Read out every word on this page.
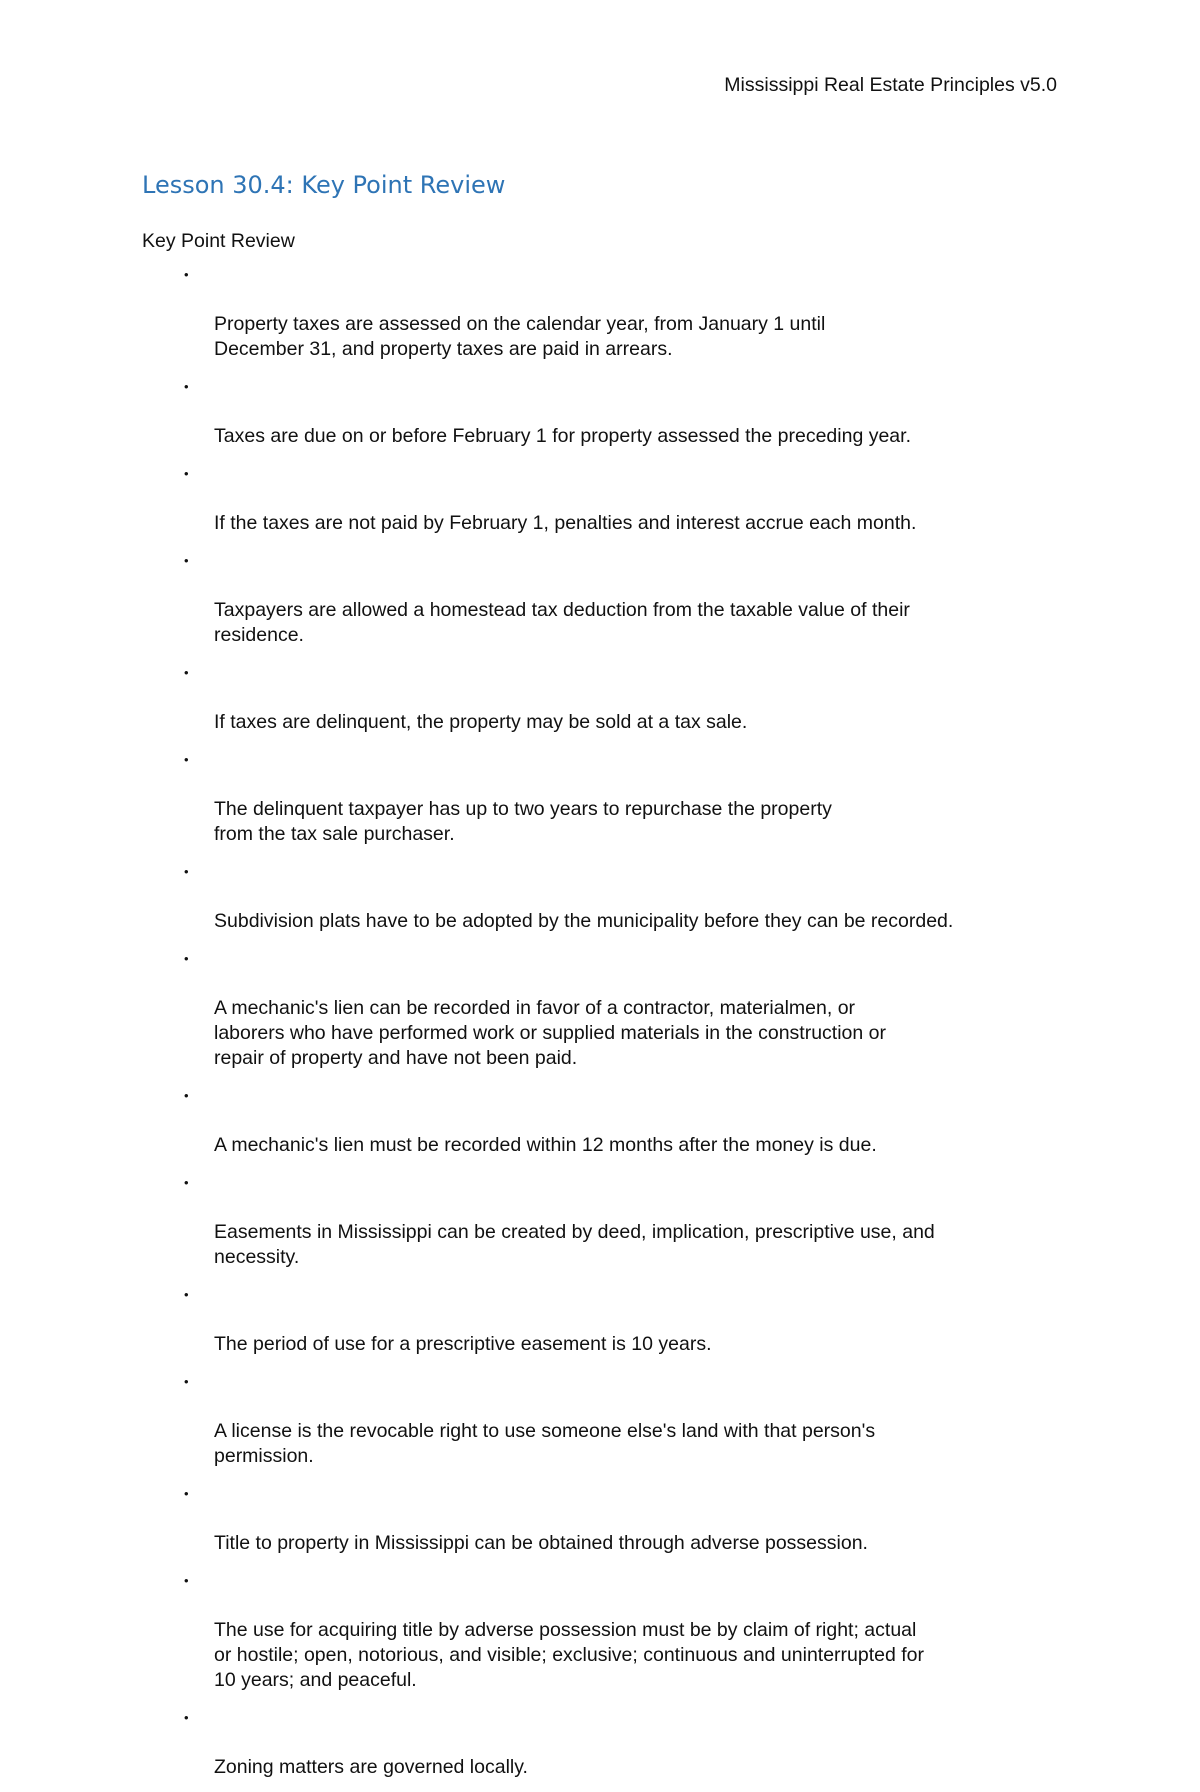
Mississippi Real Estate Principles v5.0
Lesson 30.4: Key Point Review
Key Point Review

•

Property taxes are assessed on the calendar year, from January 1 until
December 31, and property taxes are paid in arrears.

•

Taxes are due on or before February 1 for property assessed the preceding year.

•

If the taxes are not paid by February 1, penalties and interest accrue each month.

•

Taxpayers are allowed a homestead tax deduction from the taxable value of their
residence.

•

If taxes are delinquent, the property may be sold at a tax sale.

•

The delinquent taxpayer has up to two years to repurchase the property
from the tax sale purchaser.

•

Subdivision plats have to be adopted by the municipality before they can be recorded.

•

A mechanic's lien can be recorded in favor of a contractor, materialmen, or
laborers who have performed work or supplied materials in the construction or
repair of property and have not been paid.

•

A mechanic's lien must be recorded within 12 months after the money is due.

•

Easements in Mississippi can be created by deed, implication, prescriptive use, and
necessity.

•

The period of use for a prescriptive easement is 10 years.

•

A license is the revocable right to use someone else's land with that person's
permission.

•

Title to property in Mississippi can be obtained through adverse possession.

•

The use for acquiring title by adverse possession must be by claim of right; actual
or hostile; open, notorious, and visible; exclusive; continuous and uninterrupted for
10 years; and peaceful.

•

Zoning matters are governed locally.
